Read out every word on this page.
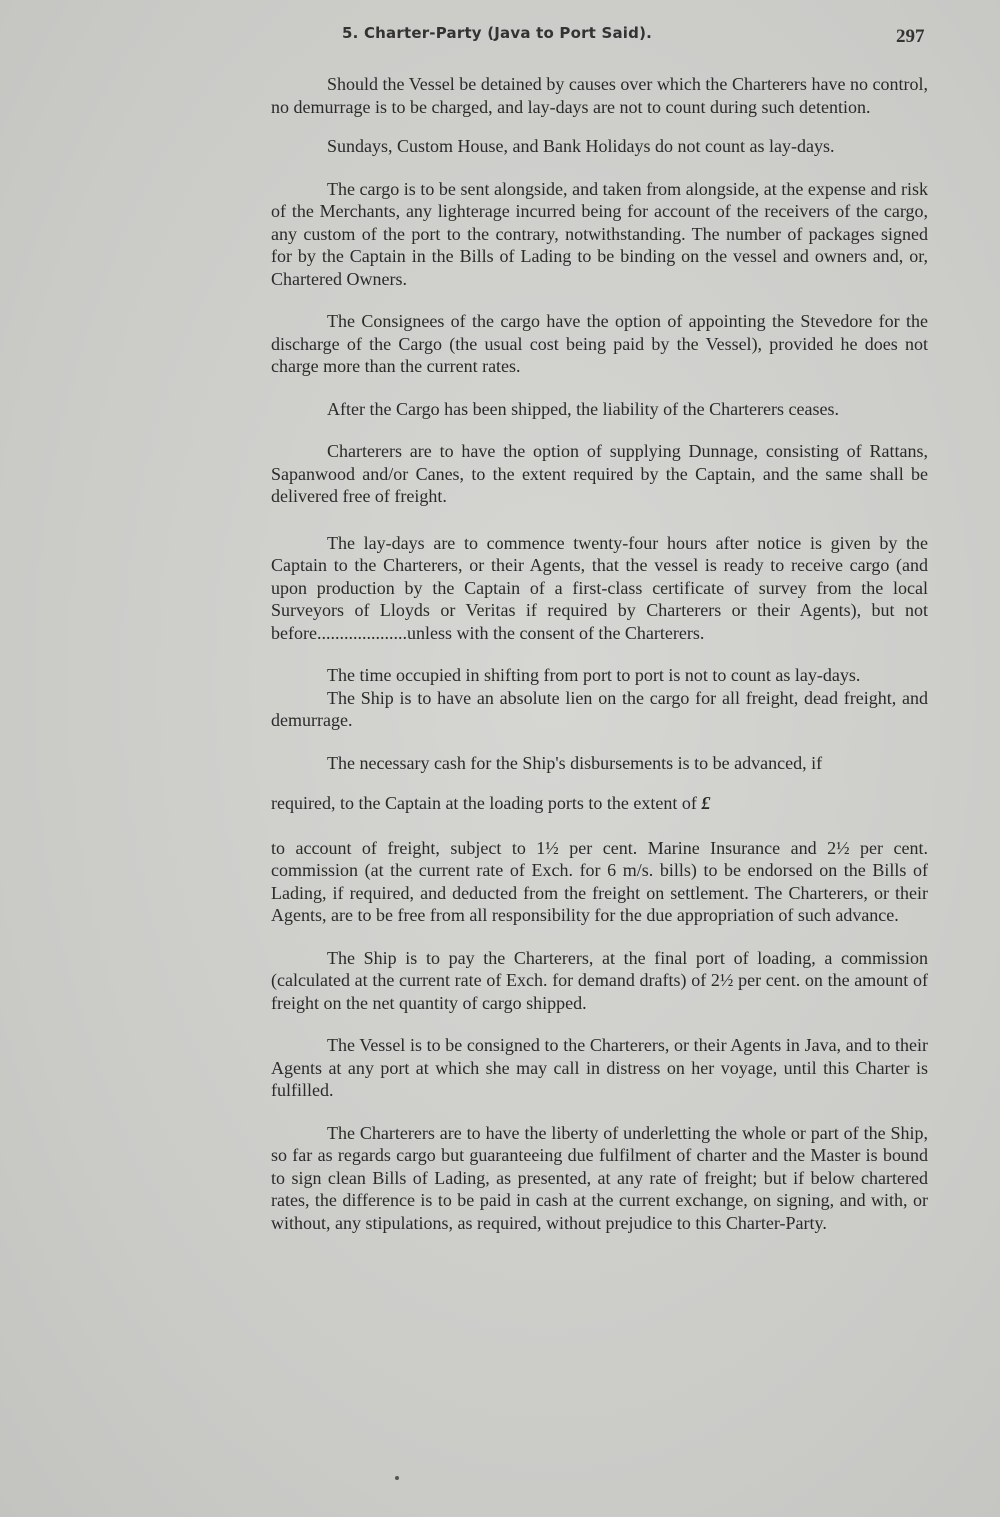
5. Charter-Party (Java to Port Said).	297

Should the Vessel be detained by causes over which the Charterers have no control, no demurrage is to be charged, and lay-days are not to count during such detention.

Sundays, Custom House, and Bank Holidays do not count as lay-days.

The cargo is to be sent alongside, and taken from alongside, at the expense and risk of the Merchants, any lighterage incurred being for account of the receivers of the cargo, any custom of the port to the contrary, notwithstanding. The number of packages signed for by the Captain in the Bills of Lading to be binding on the vessel and owners and, or, Chartered Owners.

The Consignees of the cargo have the option of appointing the Stevedore for the discharge of the Cargo (the usual cost being paid by the Vessel), provided he does not charge more than the current rates.

After the Cargo has been shipped, the liability of the Charterers ceases.

Charterers are to have the option of supplying Dunnage, consisting of Rattans, Sapanwood and/or Canes, to the extent required by the Captain, and the same shall be delivered free of freight.

The lay-days are to commence twenty-four hours after notice is given by the Captain to the Charterers, or their Agents, that the vessel is ready to receive cargo (and upon production by the Captain of a first-class certificate of survey from the local Surveyors of Lloyds or Veritas if required by Charterers or their Agents), but not before....................unless with the consent of the Charterers.

The time occupied in shifting from port to port is not to count as lay-days.

The Ship is to have an absolute lien on the cargo for all freight, dead freight, and demurrage.

The necessary cash for the Ship's disbursements is to be advanced, if

required, to the Captain at the loading ports to the extent of £

to account of freight, subject to 1½ per cent. Marine Insurance and 2½ per cent. commission (at the current rate of Exch. for 6 m/s. bills) to be endorsed on the Bills of Lading, if required, and deducted from the freight on settlement. The Charterers, or their Agents, are to be free from all responsibility for the due appropriation of such advance.

The Ship is to pay the Charterers, at the final port of loading, a commission (calculated at the current rate of Exch. for demand drafts) of 2½ per cent. on the amount of freight on the net quantity of cargo shipped.

The Vessel is to be consigned to the Charterers, or their Agents in Java, and to their Agents at any port at which she may call in distress on her voyage, until this Charter is fulfilled.

The Charterers are to have the liberty of underletting the whole or part of the Ship, so far as regards cargo but guaranteeing due fulfilment of charter and the Master is bound to sign clean Bills of Lading, as presented, at any rate of freight; but if below chartered rates, the difference is to be paid in cash at the current exchange, on signing, and with, or without, any stipulations, as required, without prejudice to this Charter-Party.
